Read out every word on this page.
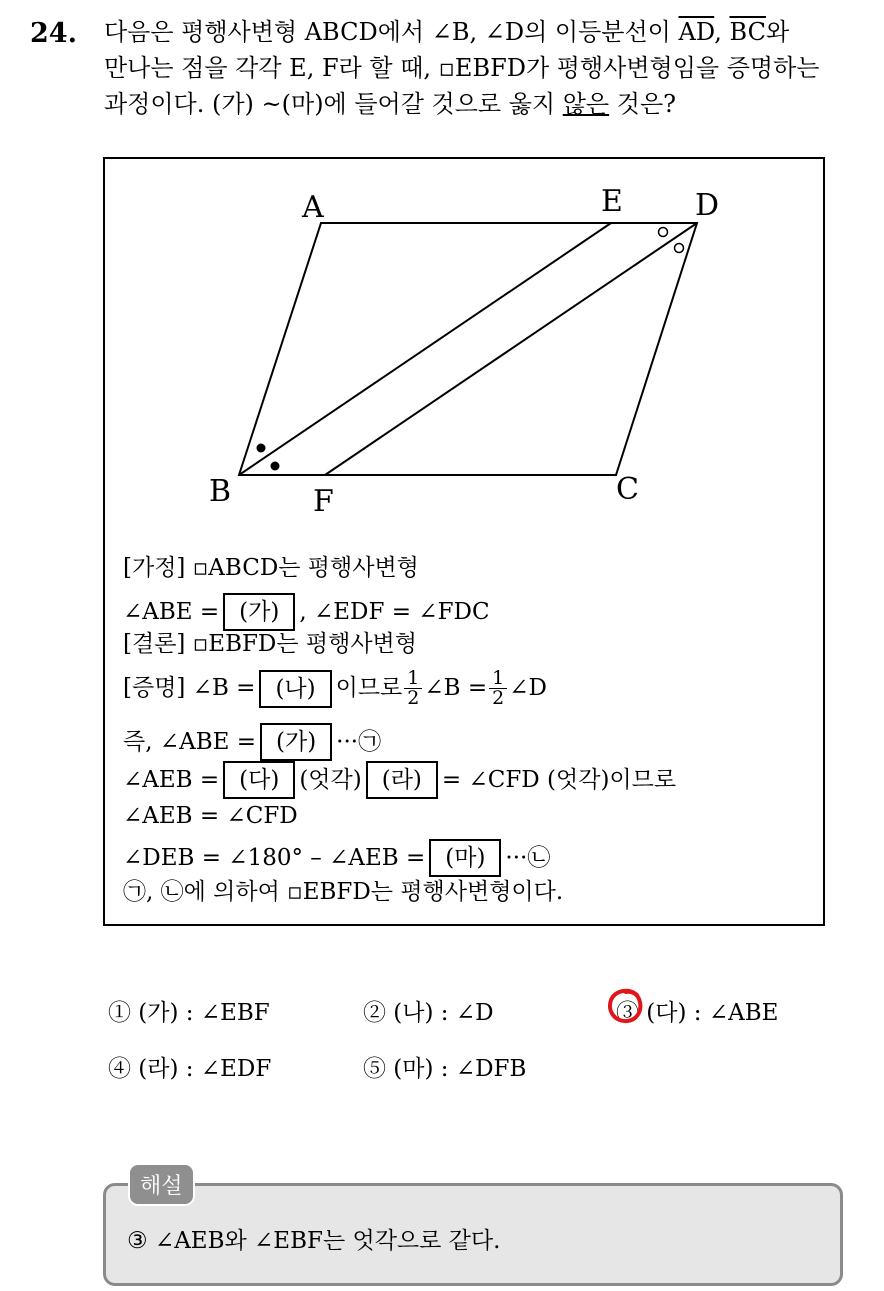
24. 다음은 평행사변형 ABCD에서 ∠B, ∠D의 이등분선이 $\overline{AD}$, $\overline{BC}$와
만나는 점을 각각 E, F라 할 때, ▫EBFD가 평행사변형임을 증명하는
과정이다. (가) ~(마)에 들어갈 것으로 옳지 않은 것은?
A	E D
B	F	C
[가정] ▫ABCD는 평행사변형
∠ABE = (가) , ∠EDF = ∠FDC
[결론] ▫EBFD는 평행사변형
[증명] ∠B = (나) 이므로 $\frac{1}{2}$ ∠B = $\frac{1}{2}$ ∠D
즉, ∠ABE = (가) ···㉠
∠AEB = (다) (엇각) (라) = ∠CFD (엇각)이므로
∠AEB = ∠CFD
∠DEB = ∠180° – ∠AEB = (마) ···㉡
㉠, ㉡에 의하여 ▫EBFD는 평행사변형이다.
① (가) : ∠EBF	② (나) : ∠D	③ (다) : ∠ABE
④ (라) : ∠EDF	⑤ (마) : ∠DFB
해설
③ ∠AEB와 ∠EBF는 엇각으로 같다.
